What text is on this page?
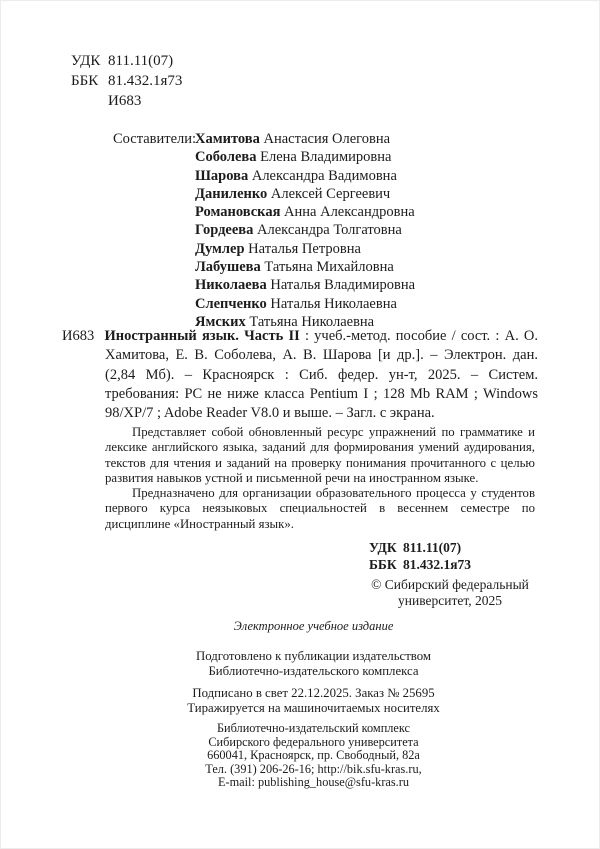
УДК 811.11(07)
ББК 81.432.1я73
И683
Составители:
Хамитова Анастасия Олеговна
Соболева Елена Владимировна
Шарова Александра Вадимовна
Даниленко Алексей Сергеевич
Романовская Анна Александровна
Гордеева Александра Толгатовна
Думлер Наталья Петровна
Лабушева Татьяна Михайловна
Николаева Наталья Владимировна
Слепченко Наталья Николаевна
Ямских Татьяна Николаевна

И683 Иностранный язык. Часть II : учеб.-метод. пособие / сост. : А. О. Хамитова, Е. В. Соболева, А. В. Шарова [и др.]. – Электрон. дан. (2,84 Мб). – Красноярск : Сиб. федер. ун-т, 2025. – Систем. требования: PC не ниже класса Pentium I ; 128 Mb RAM ; Windows 98/XP/7 ; Adobe Reader V8.0 и выше. – Загл. с экрана.

Представляет собой обновленный ресурс упражнений по грамматике и лексике английского языка, заданий для формирования умений аудирования, текстов для чтения и заданий на проверку понимания прочитанного с целью развития навыков устной и письменной речи на иностранном языке.

Предназначено для организации образовательного процесса у студентов первого курса неязыковых специальностей в весеннем семестре по дисциплине «Иностранный язык».

УДК 811.11(07)
ББК 81.432.1я73

© Сибирский федеральный

университет, 2025

Электронное учебное издание

Подготовлено к публикации издательством

Библиотечно-издательского комплекса

Подписано в свет 22.12.2025. Заказ № 25695

Тиражируется на машиночитаемых носителях

Библиотечно-издательский комплекс

Сибирского федерального университета

660041, Красноярск, пр. Свободный, 82а

Тел. (391) 206-26-16; http://bik.sfu-kras.ru,

E-mail: publishing_house@sfu-kras.ru
